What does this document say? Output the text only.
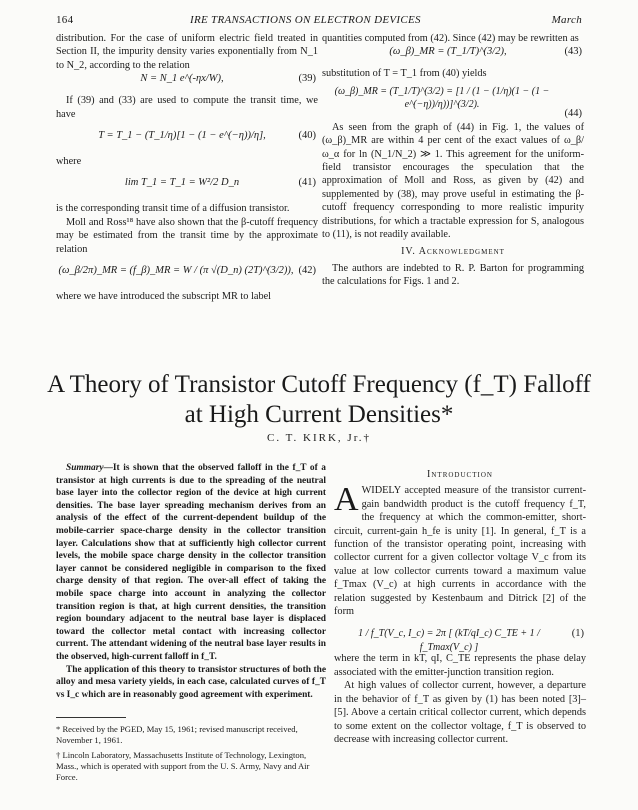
164	IRE TRANSACTIONS ON ELECTRON DEVICES	March

distribution. For the case of uniform electric field treated in Section II, the impurity density varies exponentially from N_1 to N_2, according to the relation

N = N_1 e^(-ηx/W),	(39)

If (39) and (33) are used to compute the transit time, we have

T = T_1 − (T_1/η)[1 − (1 − e^(−η))/η],	(40)

where

lim T_1 = T_1 = W²/2 D_n	(41)

is the corresponding transit time of a diffusion transistor.

Moll and Ross¹⁸ have also shown that the β-cutoff frequency may be estimated from the transit time by the approximate relation

(ω_β/2π)_MR = (f_β)_MR = W / (π √(D_n) (2T)^(3/2)), (42)

where we have introduced the subscript MR to label

quantities computed from (42). Since (42) may be rewritten as

(ω_β)_MR = (T_1/T)^(3/2),	(43)

substitution of T = T_1 from (40) yields

(ω_β)_MR = (T_1/T)^(3/2) = [1 / (1 − (1/η)(1 − (1 − e^(−η))/η))]^(3/2).
(44)

As seen from the graph of (44) in Fig. 1, the values of (ω_β)_MR are within 4 per cent of the exact values of ω_β/ω_α for ln (N_1/N_2) ≫ 1. This agreement for the uniform-field transistor encourages the speculation that the approximation of Moll and Ross, as given by (42) and supplemented by (38), may prove useful in estimating the β-cutoff frequency corresponding to more realistic impurity distributions, for which a tractable expression for S, analogous to (11), is not readily available.

IV. Acknowledgment

The authors are indebted to R. P. Barton for programming the calculations for Figs. 1 and 2.

A Theory of Transistor Cutoff Frequency (f_T) Falloff
at High Current Densities*
C. T. KIRK, Jr.†

Summary—It is shown that the observed falloff in the f_T of a transistor at high currents is due to the spreading of the neutral base layer into the collector region of the device at high current densities. The base layer spreading mechanism derives from an analysis of the effect of the current-dependent buildup of the mobile-carrier space-charge density in the collector transition layer. Calculations show that at sufficiently high collector current levels, the mobile space charge density in the collector transition layer cannot be considered negligible in comparison to the fixed charge density of that region. The over-all effect of taking the mobile space charge into account in analyzing the collector transition region is that, at high current densities, the transition region boundary adjacent to the neutral base layer is displaced toward the collector metal contact with increasing collector current. The attendant widening of the neutral base layer results in the observed, high-current falloff in f_T.

The application of this theory to transistor structures of both the alloy and mesa variety yields, in each case, calculated curves of f_T vs I_c which are in reasonably good agreement with experiment.

* Received by the PGED, May 15, 1961; revised manuscript received, November 1, 1961.
† Lincoln Laboratory, Massachusetts Institute of Technology, Lexington, Mass., which is operated with support from the U. S. Army, Navy and Air Force.
Introduction

AWIDELY accepted measure of the transistor current-gain bandwidth product is the cutoff frequency f_T, the frequency at which the common-emitter, short-circuit, current-gain h_fe is unity [1]. In general, f_T is a function of the transistor operating point, increasing with collector current for a given collector voltage V_c from its value at low collector currents toward a maximum value f_Tmax (V_c) at high currents in accordance with the relation suggested by Kestenbaum and Ditrick [2] of the form

1 / f_T(V_c, I_c) = 2π [ (kT/qI_c) C_TE + 1 / f_Tmax(V_c) ]
(1)

where the term in kT, qI, C_TE represents the phase delay associated with the emitter-junction transition region.

At high values of collector current, however, a departure in the behavior of f_T as given by (1) has been noted [3]–[5]. Above a certain critical collector current, which depends to some extent on the collector voltage, f_T is observed to decrease with increasing collector current.
